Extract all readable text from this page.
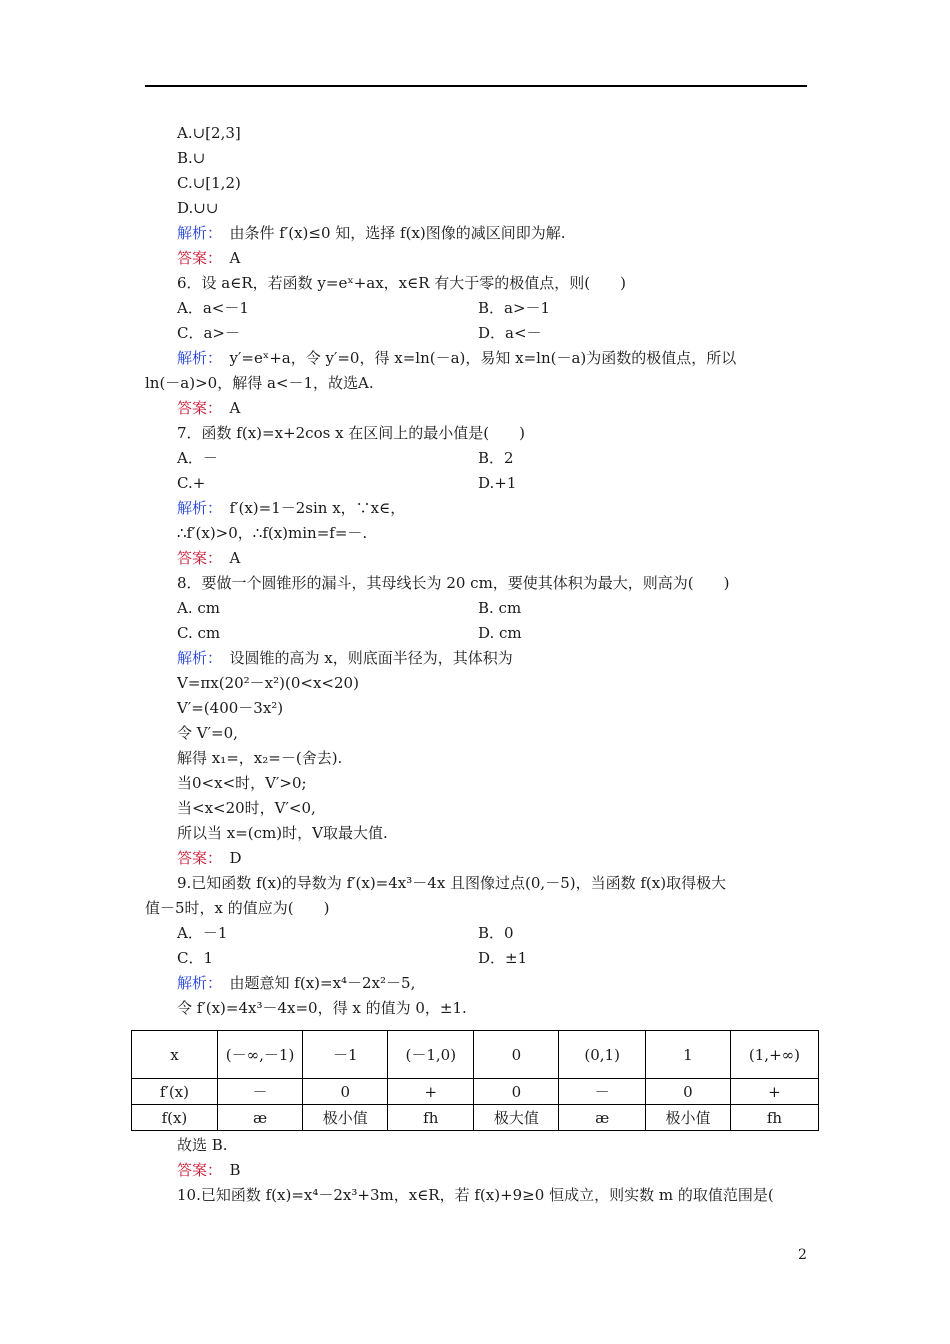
A.∪[2,3]
B.∪
C.∪[1,2)
D.∪∪
解析：　由条件 f′(x)≤0 知，选择 f(x)图像的减区间即为解.
答案：　A
6．设 a∈R，若函数 y=eˣ+ax，x∈R 有大于零的极值点，则(　　)
A．a<－1	B．a>－1
C．a>－	D．a<－
解析：　y′=eˣ+a，令 y′=0，得 x=ln(－a)，易知 x=ln(－a)为函数的极值点，所以
ln(－a)>0，解得 a<－1，故选A.
答案：　A
7．函数 f(x)=x+2cos x 在区间上的最小值是(　　)
A．－	B．2
C.+	D.+1
解析：　f′(x)=1－2sin x，∵x∈，
∴f′(x)>0，∴f(x)min=f=－.
答案：　A
8．要做一个圆锥形的漏斗，其母线长为 20 cm，要使其体积为最大，则高为(　　)
A. cm	B. cm
C. cm	D. cm
解析：　设圆锥的高为 x，则底面半径为，其体积为
V=πx(20²－x²)(0<x<20)
V′=(400－3x²)
令 V′=0,
解得 x₁=，x₂=－(舍去).
当0<x<时，V′>0;
当<x<20时，V′<0,
所以当 x=(cm)时，V取最大值.
答案：　D
9.已知函数 f(x)的导数为 f′(x)=4x³－4x 且图像过点(0,－5)，当函数 f(x)取得极大
值－5时，x 的值应为(　　)
A．－1	B．0
C．1	D．±1
解析：　由题意知 f(x)=x⁴－2x²－5,
令 f′(x)=4x³－4x=0，得 x 的值为 0，±1.
故选 B.
答案：　B
10.已知函数 f(x)=x⁴－2x³+3m，x∈R，若 f(x)+9≥0 恒成立，则实数 m 的取值范围是(
x	(－∞,－1)	－1	(－1,0)	0	(0,1)	1	(1,+∞)
f′(x)	－	0	+	0	－	0	+
f(x)	æ	极小值	fh	极大值	æ	极小值	fh
2
